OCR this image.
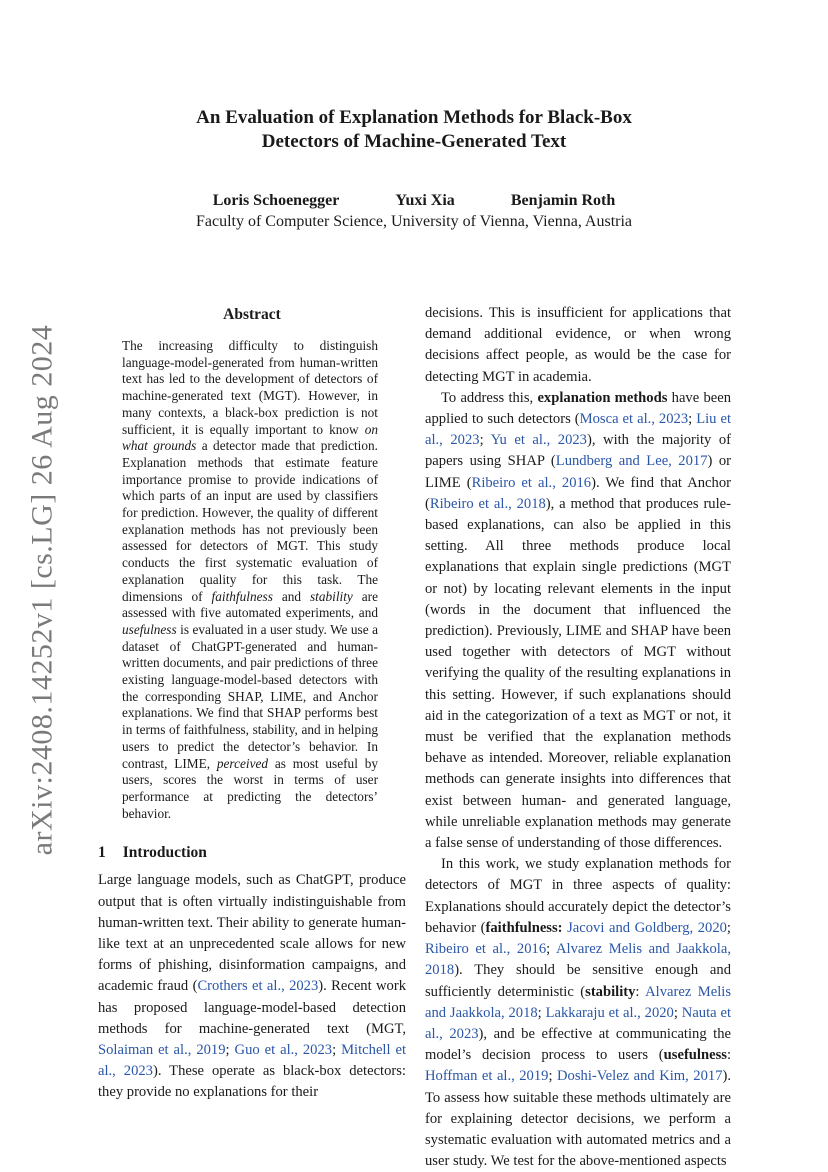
arXiv:2408.14252v1 [cs.LG] 26 Aug 2024
An Evaluation of Explanation Methods for Black-Box
Detectors of Machine-Generated Text
Loris Schoenegger	Yuxi Xia	Benjamin Roth
Faculty of Computer Science, University of Vienna, Vienna, Austria
Abstract

The increasing difficulty to distinguish language-model-generated from human-written text has led to the development of detectors of machine-generated text (MGT). However, in many contexts, a black-box prediction is not sufficient, it is equally important to know on what grounds a detector made that prediction. Explanation methods that estimate feature importance promise to provide indications of which parts of an input are used by classifiers for prediction. However, the quality of different explanation methods has not previously been assessed for detectors of MGT. This study conducts the first systematic evaluation of explanation quality for this task. The dimensions of faithfulness and stability are assessed with five automated experiments, and usefulness is evaluated in a user study. We use a dataset of ChatGPT-generated and human-written documents, and pair predictions of three existing language-model-based detectors with the corresponding SHAP, LIME, and Anchor explanations. We find that SHAP performs best in terms of faithfulness, stability, and in helping users to predict the detector’s behavior. In contrast, LIME, perceived as most useful by users, scores the worst in terms of user performance at predicting the detectors’ behavior.

1 Introduction

Large language models, such as ChatGPT, produce output that is often virtually indistinguishable from human-written text. Their ability to generate human-like text at an unprecedented scale allows for new forms of phishing, disinformation campaigns, and academic fraud (Crothers et al., 2023). Recent work has proposed language-model-based detection methods for machine-generated text (MGT, Solaiman et al., 2019; Guo et al., 2023; Mitchell et al., 2023). These operate as black-box detectors: they provide no explanations for their

decisions. This is insufficient for applications that demand additional evidence, or when wrong decisions affect people, as would be the case for detecting MGT in academia.

To address this, explanation methods have been applied to such detectors (Mosca et al., 2023; Liu et al., 2023; Yu et al., 2023), with the majority of papers using SHAP (Lundberg and Lee, 2017) or LIME (Ribeiro et al., 2016). We find that Anchor (Ribeiro et al., 2018), a method that produces rule-based explanations, can also be applied in this setting. All three methods produce local explanations that explain single predictions (MGT or not) by locating relevant elements in the input (words in the document that influenced the prediction). Previously, LIME and SHAP have been used together with detectors of MGT without verifying the quality of the resulting explanations in this setting. However, if such explanations should aid in the categorization of a text as MGT or not, it must be verified that the explanation methods behave as intended. Moreover, reliable explanation methods can generate insights into differences that exist between human- and generated language, while unreliable explanation methods may generate a false sense of understanding of those differences.

In this work, we study explanation methods for detectors of MGT in three aspects of quality: Explanations should accurately depict the detector’s behavior (faithfulness: Jacovi and Goldberg, 2020; Ribeiro et al., 2016; Alvarez Melis and Jaakkola, 2018). They should be sensitive enough and sufficiently deterministic (stability: Alvarez Melis and Jaakkola, 2018; Lakkaraju et al., 2020; Nauta et al., 2023), and be effective at communicating the model’s decision process to users (usefulness: Hoffman et al., 2019; Doshi-Velez and Kim, 2017). To assess how suitable these methods ultimately are for explaining detector decisions, we perform a systematic evaluation with automated metrics and a user study. We test for the above-mentioned aspects
